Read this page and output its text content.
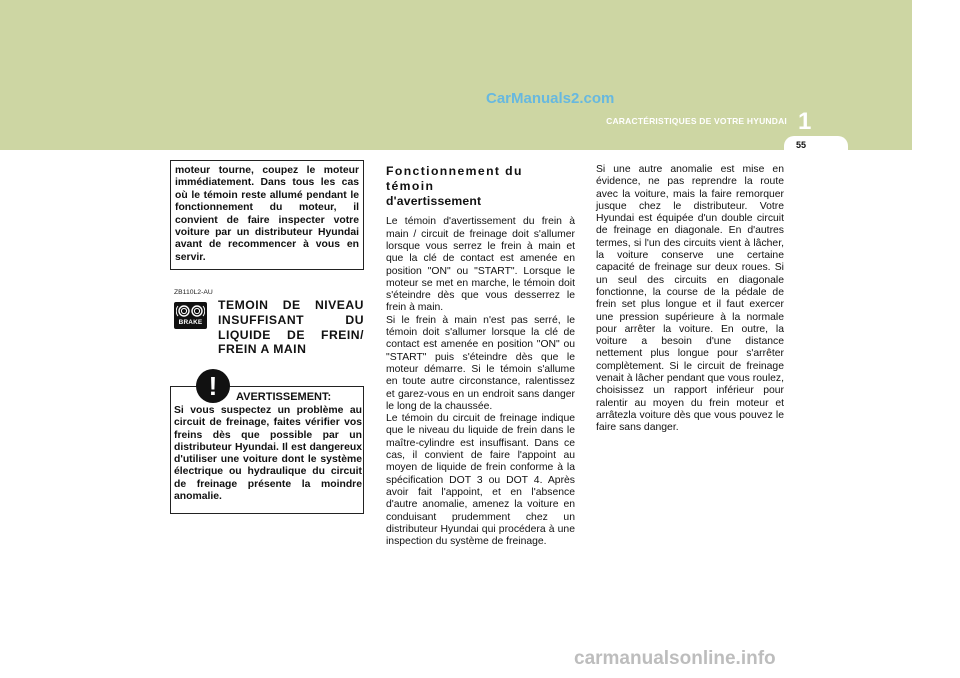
CarManuals2.com
1
CARACTÉRISTIQUES DE VOTRE HYUNDAI
55

moteur tourne, coupez le moteur immédiatement. Dans tous les cas où le témoin reste allumé pendant le fonctionnement du moteur, il convient de faire inspecter votre voiture par un distributeur Hyundai avant de recommencer à vous en servir.

ZB110L2-AU
BRAKE
TEMOIN DE NIVEAU
INSUFFISANT DU
LIQUIDE DE FREIN/
FREIN A MAIN
!	AVERTISSEMENT:
Si vous suspectez un problème au circuit de freinage, faites vérifier vos freins dès que possible par un distributeur Hyundai. Il est dangereux d'utiliser une voiture dont le système électrique ou hydraulique du circuit de freinage présente la moindre anomalie.
Fonctionnement du témoin
d'avertissement

Le témoin d'avertissement du frein à main / circuit de freinage doit s'allumer lorsque vous serrez le frein à main et que la clé de contact est amenée en position "ON" ou "START". Lorsque le moteur se met en marche, le témoin doit s'éteindre dès que vous desserrez le frein à main.

Si le frein à main n'est pas serré, le témoin doit s'allumer lorsque la clé de contact est amenée en position "ON" ou "START" puis s'éteindre dès que le moteur démarre. Si le témoin s'allume en toute autre circonstance, ralentissez et garez-vous en un endroit sans danger le long de la chaussée.

Le témoin du circuit de freinage indique que le niveau du liquide de frein dans le maître-cylindre est insuffisant. Dans ce cas, il convient de faire l'appoint au moyen de liquide de frein conforme à la spécification DOT 3 ou DOT 4. Après avoir fait l'appoint, et en l'absence d'autre anomalie, amenez la voiture en conduisant prudemment chez un distributeur Hyundai qui procédera à une inspection du système de freinage.

Si une autre anomalie est mise en évidence, ne pas reprendre la route avec la voiture, mais la faire remorquer jusque chez le distributeur. Votre Hyundai est équipée d'un double circuit de freinage en diagonale. En d'autres termes, si l'un des circuits vient à lâcher, la voiture conserve une certaine capacité de freinage sur deux roues. Si un seul des circuits en diagonale fonctionne, la course de la pédale de frein set plus longue et il faut exercer une pression supérieure à la normale pour arrêter la voiture. En outre, la voiture a besoin d'une distance nettement plus longue pour s'arrêter complètement. Si le circuit de freinage venait à lâcher pendant que vous roulez, choisissez un rapport inférieur pour ralentir au moyen du frein moteur et arrâtezla voiture dès que vous pouvez le faire sans danger.

carmanualsonline.info
